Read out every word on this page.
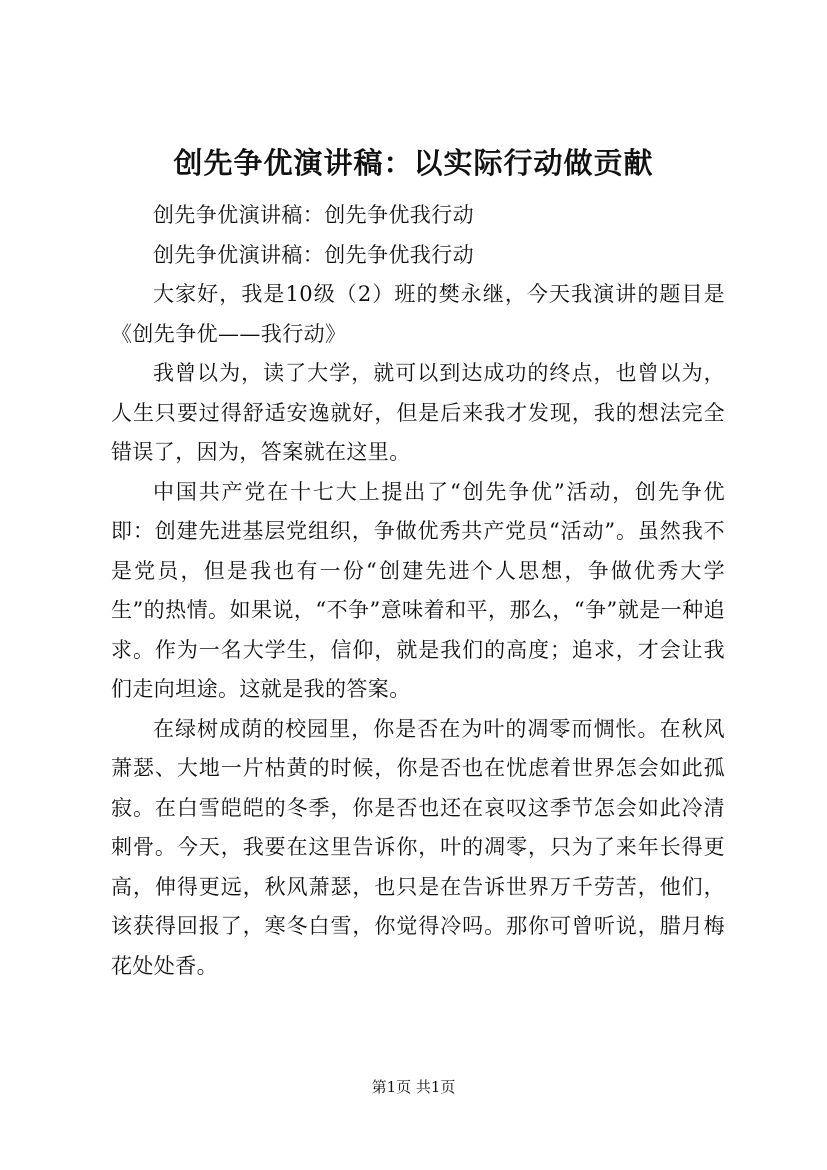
创先争优演讲稿：以实际行动做贡献

创先争优演讲稿：创先争优我行动

创先争优演讲稿：创先争优我行动

大家好，我是10级（2）班的樊永继，今天我演讲的题目是《创先争优——我行动》

我曾以为，读了大学，就可以到达成功的终点，也曾以为，人生只要过得舒适安逸就好，但是后来我才发现，我的想法完全错误了，因为，答案就在这里。

中国共产党在十七大上提出了“创先争优”活动，创先争优即：创建先进基层党组织，争做优秀共产党员“活动”。虽然我不是党员，但是我也有一份“创建先进个人思想，争做优秀大学生”的热情。如果说，“不争”意味着和平，那么，“争”就是一种追求。作为一名大学生，信仰，就是我们的高度；追求，才会让我们走向坦途。这就是我的答案。

在绿树成荫的校园里，你是否在为叶的凋零而惆怅。在秋风萧瑟、大地一片枯黄的时候，你是否也在忧虑着世界怎会如此孤寂。在白雪皑皑的冬季，你是否也还在哀叹这季节怎会如此冷清刺骨。今天，我要在这里告诉你，叶的凋零，只为了来年长得更高，伸得更远，秋风萧瑟，也只是在告诉世界万千劳苦，他们，该获得回报了，寒冬白雪，你觉得冷吗。那你可曾听说，腊月梅花处处香。

第1页 共1页
